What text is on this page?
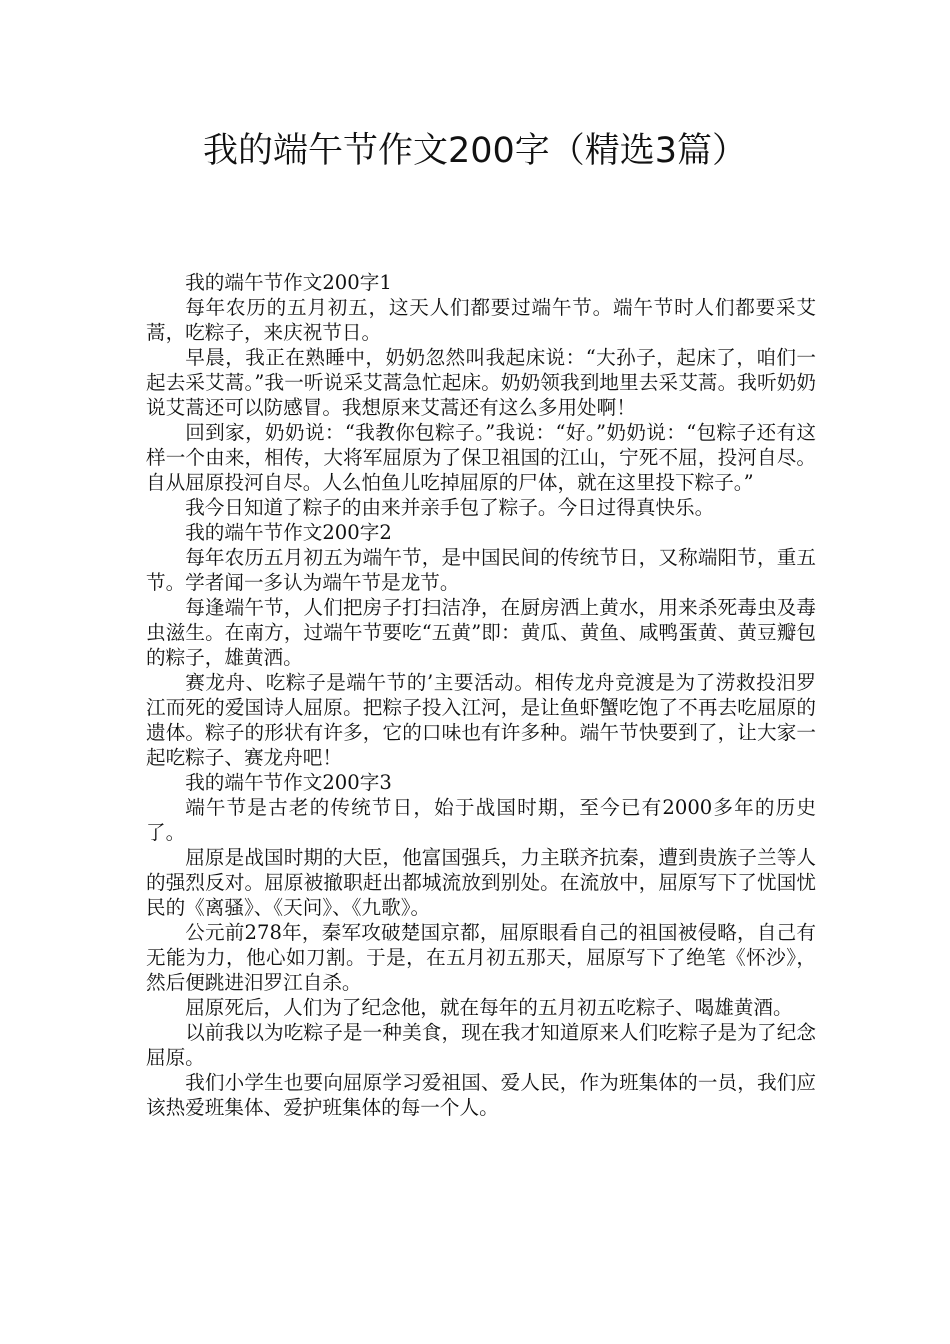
我的端午节作文200字（精选3篇）

我的端午节作文200字1

每年农历的五月初五，这天人们都要过端午节。端午节时人们都要采艾蒿，吃粽子，来庆祝节日。

早晨，我正在熟睡中，奶奶忽然叫我起床说：“大孙子，起床了，咱们一起去采艾蒿。”我一听说采艾蒿急忙起床。奶奶领我到地里去采艾蒿。我听奶奶说艾蒿还可以防感冒。我想原来艾蒿还有这么多用处啊！

回到家，奶奶说：“我教你包粽子。”我说：“好。”奶奶说：“包粽子还有这样一个由来，相传，大将军屈原为了保卫祖国的江山，宁死不屈，投河自尽。自从屈原投河自尽。人么怕鱼儿吃掉屈原的尸体，就在这里投下粽子。”

我今日知道了粽子的由来并亲手包了粽子。今日过得真快乐。

我的端午节作文200字2

每年农历五月初五为端午节，是中国民间的传统节日，又称端阳节，重五节。学者闻一多认为端午节是龙节。

每逢端午节，人们把房子打扫洁净，在厨房洒上黄水，用来杀死毒虫及毒虫滋生。在南方，过端午节要吃“五黄”即：黄瓜、黄鱼、咸鸭蛋黄、黄豆瓣包的粽子，雄黄洒。

赛龙舟、吃粽子是端午节的’主要活动。相传龙舟竞渡是为了涝救投汨罗江而死的爱国诗人屈原。把粽子投入江河，是让鱼虾蟹吃饱了不再去吃屈原的遗体。粽子的形状有许多，它的口味也有许多种。端午节快要到了，让大家一起吃粽子、赛龙舟吧！

我的端午节作文200字3

端午节是古老的传统节日，始于战国时期，至今已有2000多年的历史了。

屈原是战国时期的大臣，他富国强兵，力主联齐抗秦，遭到贵族子兰等人的强烈反对。屈原被撤职赶出都城流放到别处。在流放中，屈原写下了忧国忧民的《离骚》、《天问》、《九歌》。

公元前278年，秦军攻破楚国京都，屈原眼看自己的祖国被侵略，自己有无能为力，他心如刀割。于是，在五月初五那天，屈原写下了绝笔《怀沙》，然后便跳进汨罗江自杀。

屈原死后，人们为了纪念他，就在每年的五月初五吃粽子、喝雄黄酒。

以前我以为吃粽子是一种美食，现在我才知道原来人们吃粽子是为了纪念屈原。

我们小学生也要向屈原学习爱祖国、爱人民，作为班集体的一员，我们应该热爱班集体、爱护班集体的每一个人。
